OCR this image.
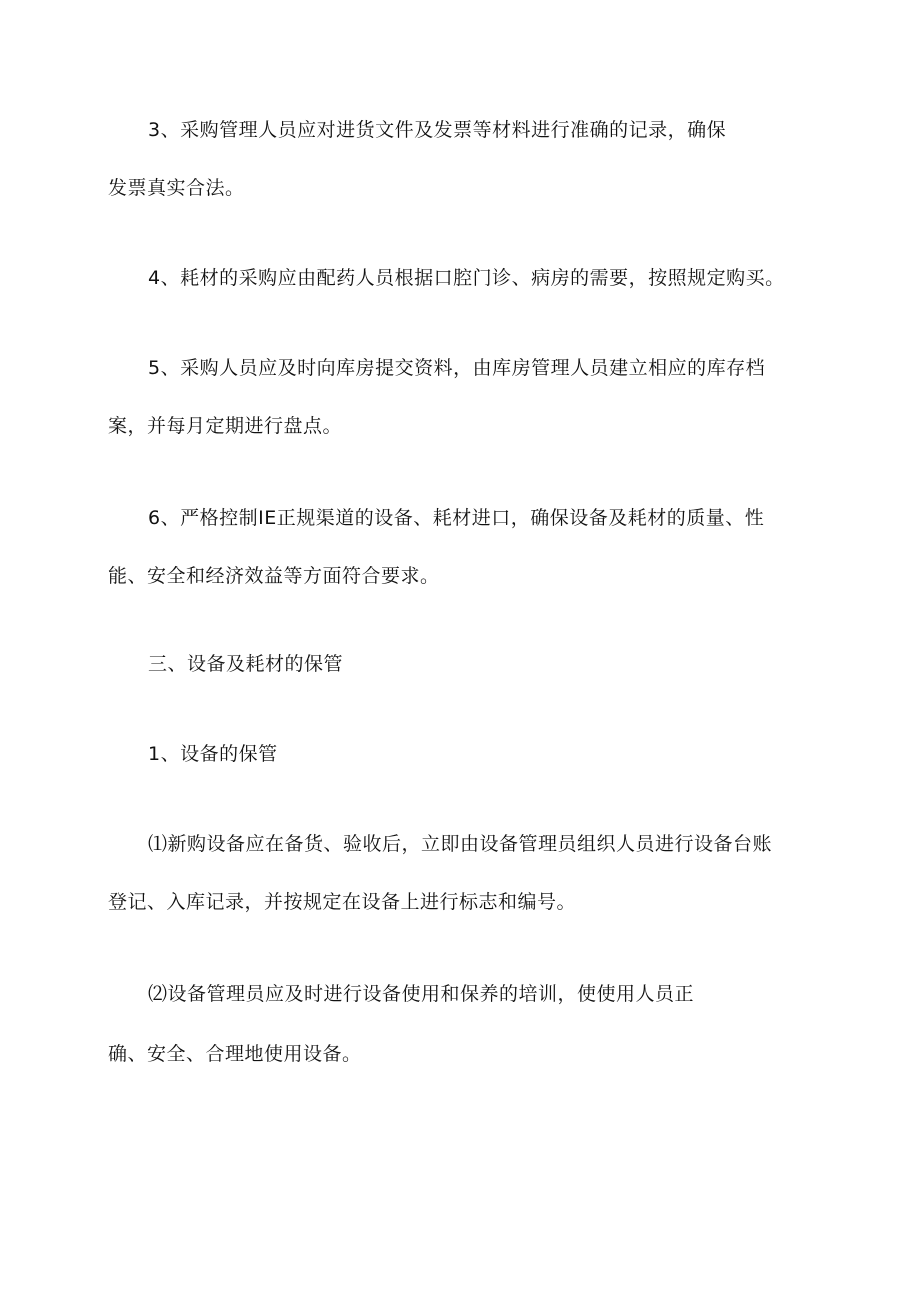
3、采购管理人员应对进货文件及发票等材料进行准确的记录，确保
发票真实合法。
4、耗材的采购应由配药人员根据口腔门诊、病房的需要，按照规定购买。
5、采购人员应及时向库房提交资料，由库房管理人员建立相应的库存档
案，并每月定期进行盘点。
6、严格控制IE正规渠道的设备、耗材进口，确保设备及耗材的质量、性
能、安全和经济效益等方面符合要求。
三、设备及耗材的保管
1、设备的保管
⑴新购设备应在备货、验收后，立即由设备管理员组织人员进行设备台账
登记、入库记录，并按规定在设备上进行标志和编号。
⑵设备管理员应及时进行设备使用和保养的培训，使使用人员正
确、安全、合理地使用设备。
